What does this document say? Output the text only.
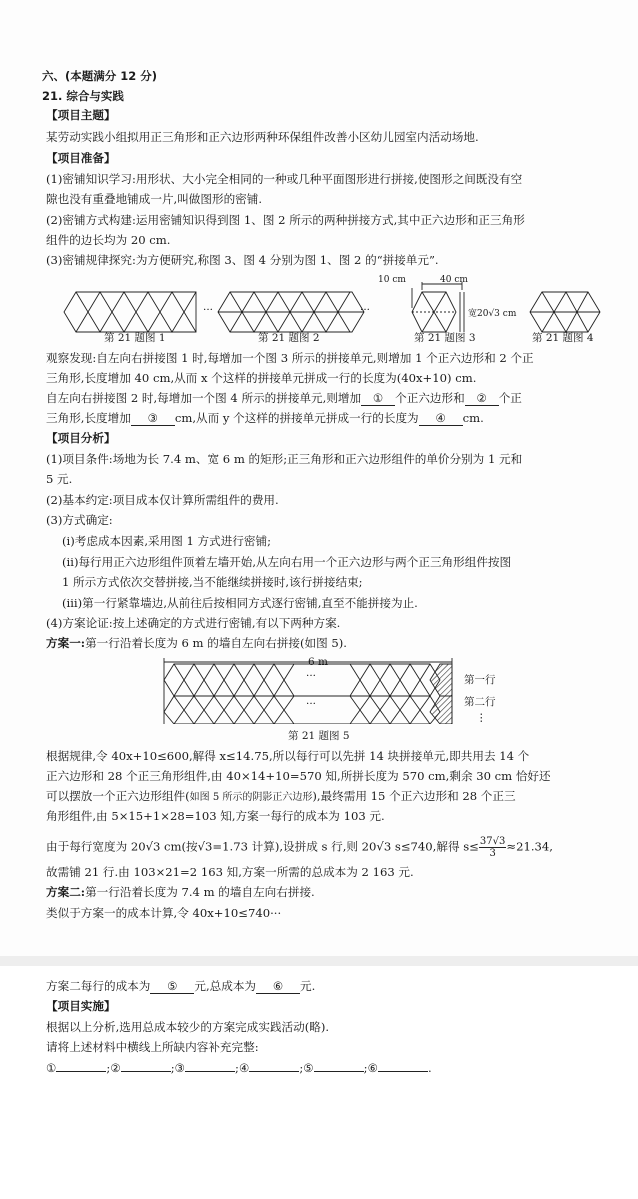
六、(本题满分 12 分)
21. 综合与实践
【项目主题】
某劳动实践小组拟用正三角形和正六边形两种环保组件改善小区幼儿园室内活动场地.
【项目准备】
(1)密铺知识学习:用形状、大小完全相同的一种或几种平面图形进行拼接,使图形之间既没有空
隙也没有重叠地铺成一片,叫做图形的密铺.
(2)密铺方式构建:运用密铺知识得到图 1、图 2 所示的两种拼接方式,其中正六边形和正三角形
组件的边长均为 20 cm.
(3)密铺规律探究:为方便研究,称图 3、图 4 分别为图 1、图 2 的“拼接单元”.
第 21 题图 1
···
第 21 题图 2
···
10 cm	40 cm
宽20√3 cm
第 21 题图 3	第 21 题图 4
观察发现:自左向右拼接图 1 时,每增加一个图 3 所示的拼接单元,则增加 1 个正六边形和 2 个正
三角形,长度增加 40 cm,从而 x 个这样的拼接单元拼成一行的长度为(40x+10) cm.
自左向右拼接图 2 时,每增加一个图 4 所示的拼接单元,则增加 ① 个正六边形和 ② 个正
三角形,长度增加 ③ cm,从而 y 个这样的拼接单元拼成一行的长度为 ④ cm.
【项目分析】
(1)项目条件:场地为长 7.4 m、宽 6 m 的矩形;正三角形和正六边形组件的单价分别为 1 元和
5 元.
(2)基本约定:项目成本仅计算所需组件的费用.
(3)方式确定:
(ⅰ)考虑成本因素,采用图 1 方式进行密铺;
(ⅱ)每行用正六边形组件顶着左墙开始,从左向右用一个正六边形与两个正三角形组件按图
1 所示方式依次交替拼接,当不能继续拼接时,该行拼接结束;
(ⅲ)第一行紧靠墙边,从前往后按相同方式逐行密铺,直至不能拼接为止.
(4)方案论证:按上述确定的方式进行密铺,有以下两种方案.
方案一:第一行沿着长度为 6 m 的墙自左向右拼接(如图 5).
6 m
···
···
第一行
第二行
⋮
第 21 题图 5
根据规律,令 40x+10≤600,解得 x≤14.75,所以每行可以先拼 14 块拼接单元,即共用去 14 个
正六边形和 28 个正三角形组件,由 40×14+10=570 知,所拼长度为 570 cm,剩余 30 cm 恰好还
可以摆放一个正六边形组件(如图 5 所示的阴影正六边形),最终需用 15 个正六边形和 28 个正三
角形组件,由 5×15+1×28=103 知,方案一每行的成本为 103 元.
由于每行宽度为 20√3 cm(按√3=1.73 计算),设拼成 s 行,则 20√3 s≤740,解得 $s\le \frac{37√3}{3} \approx 21.34$,
故需铺 21 行.由 103×21=2 163 知,方案一所需的总成本为 2 163 元.
方案二:第一行沿着长度为 7.4 m 的墙自左向右拼接.
类似于方案一的成本计算,令 40x+10≤740···
方案二每行的成本为 ⑤ 元,总成本为 ⑥ 元.
【项目实施】
根据以上分析,选用总成本较少的方案完成实践活动(略).
请将上述材料中横线上所缺内容补充完整:
①	;②	;③	;④	;⑤	;⑥	.
